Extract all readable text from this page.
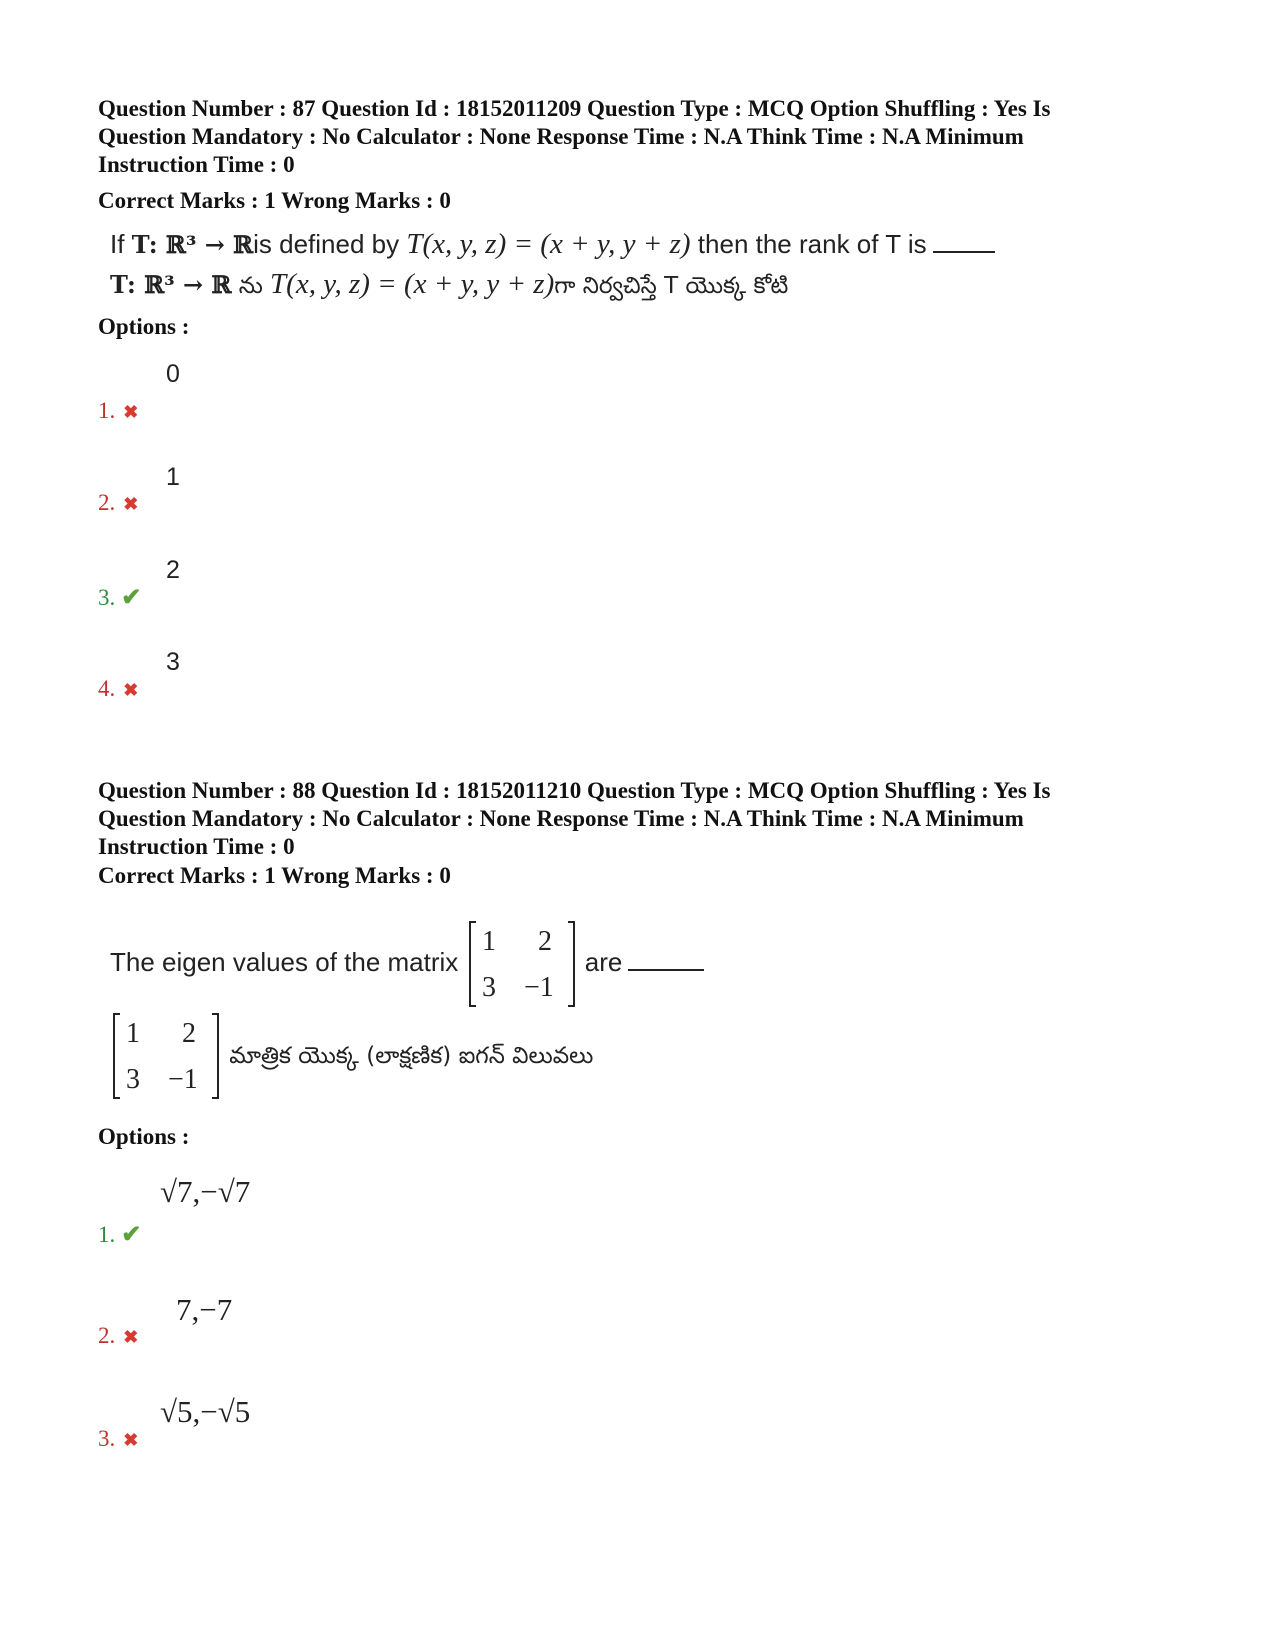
Question Number : 87 Question Id : 18152011209 Question Type : MCQ Option Shuffling : Yes Is
Question Mandatory : No Calculator : None Response Time : N.A Think Time : N.A Minimum
Instruction Time : 0
Correct Marks : 1 Wrong Marks : 0
If T: ℝ³ → ℝis defined by T(x, y, z) = (x + y, y + z) then the rank of T is
T: ℝ³ → ℝ ను T(x, y, z) = (x + y, y + z)గా నిర్వచిస్తే T యొక్క కోటి
Options :
0
1. ✖
1
2. ✖
2
3. ✔
3
4. ✖
Question Number : 88 Question Id : 18152011210 Question Type : MCQ Option Shuffling : Yes Is
Question Mandatory : No Calculator : None Response Time : N.A Think Time : N.A Minimum
Instruction Time : 0
Correct Marks : 1 Wrong Marks : 0
The eigen values of the matrix
1 2
3 −1
are
1 2
3 −1
మాత్రిక యొక్క (లాక్షణిక) ఐగన్ విలువలు
Options :
√7,−√7
1. ✔
7,−7
2. ✖
√5,−√5
3. ✖
